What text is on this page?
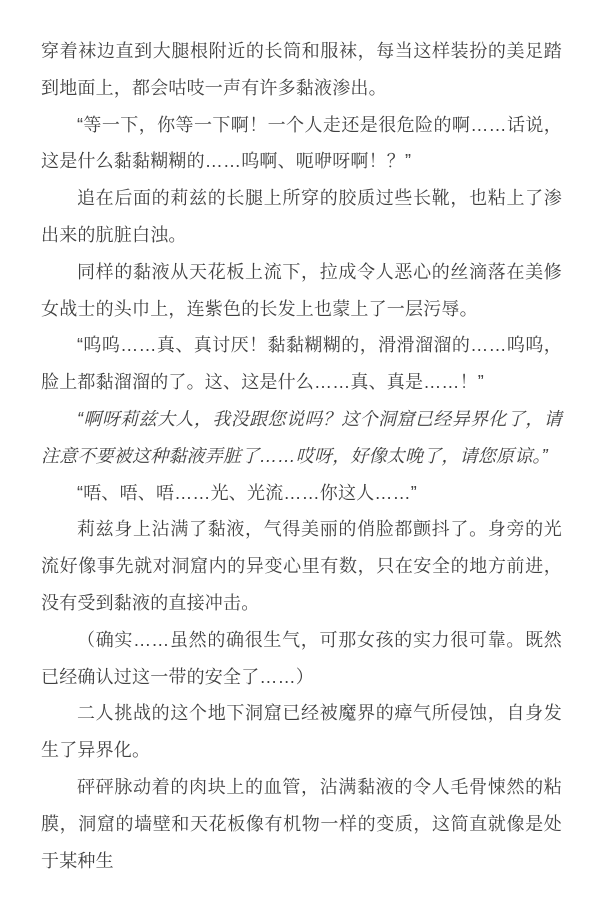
穿着袜边直到大腿根附近的长筒和服袜，每当这样装扮的美足踏到地面上，都会咕吱一声有许多黏液渗出。

“等一下，你等一下啊！一个人走还是很危险的啊……话说，这是什么黏黏糊糊的……呜啊、呃咿呀啊！？”

追在后面的莉兹的长腿上所穿的胶质过些长靴，也粘上了渗出来的肮脏白浊。

同样的黏液从天花板上流下，拉成令人恶心的丝滴落在美修女战士的头巾上，连紫色的长发上也蒙上了一层污辱。

“呜呜……真、真讨厌！黏黏糊糊的，滑滑溜溜的……呜呜，脸上都黏溜溜的了。这、这是什么……真、真是……！”

“啊呀莉兹大人，我没跟您说吗？这个洞窟已经异界化了，请注意不要被这种黏液弄脏了……哎呀，好像太晚了，请您原谅。”

“唔、唔、唔……光、光流……你这人……”

莉兹身上沾满了黏液，气得美丽的俏脸都颤抖了。身旁的光流好像事先就对洞窟内的异变心里有数，只在安全的地方前进，没有受到黏液的直接冲击。

（确实……虽然的确很生气，可那女孩的实力很可靠。既然已经确认过这一带的安全了……）

二人挑战的这个地下洞窟已经被魔界的瘴气所侵蚀，自身发生了异界化。

砰砰脉动着的肉块上的血管，沾满黏液的令人毛骨悚然的粘膜，洞窟的墙壁和天花板像有机物一样的变质，这简直就像是处于某种生
